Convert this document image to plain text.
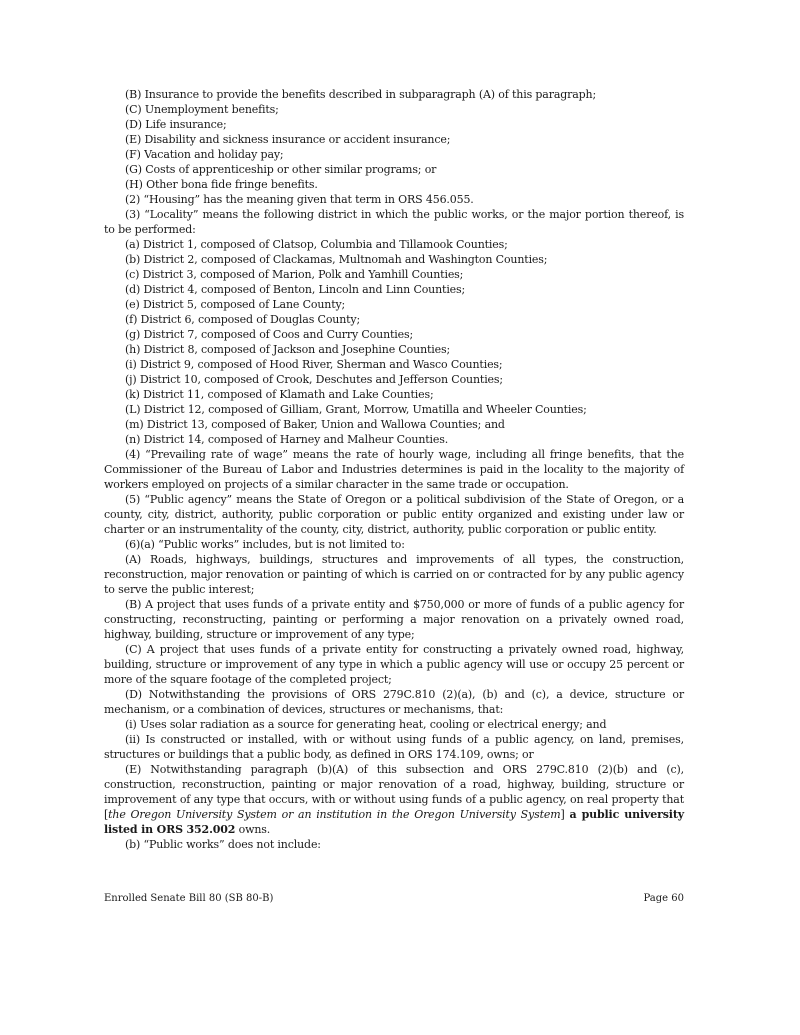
(B) Insurance to provide the benefits described in subparagraph (A) of this paragraph;

(C) Unemployment benefits;

(D) Life insurance;

(E) Disability and sickness insurance or accident insurance;

(F) Vacation and holiday pay;

(G) Costs of apprenticeship or other similar programs; or

(H) Other bona fide fringe benefits.

(2) “Housing” has the meaning given that term in ORS 456.055.

(3) “Locality” means the following district in which the public works, or the major portion thereof, is to be performed:

(a) District 1, composed of Clatsop, Columbia and Tillamook Counties;

(b) District 2, composed of Clackamas, Multnomah and Washington Counties;

(c) District 3, composed of Marion, Polk and Yamhill Counties;

(d) District 4, composed of Benton, Lincoln and Linn Counties;

(e) District 5, composed of Lane County;

(f) District 6, composed of Douglas County;

(g) District 7, composed of Coos and Curry Counties;

(h) District 8, composed of Jackson and Josephine Counties;

(i) District 9, composed of Hood River, Sherman and Wasco Counties;

(j) District 10, composed of Crook, Deschutes and Jefferson Counties;

(k) District 11, composed of Klamath and Lake Counties;

(L) District 12, composed of Gilliam, Grant, Morrow, Umatilla and Wheeler Counties;

(m) District 13, composed of Baker, Union and Wallowa Counties; and

(n) District 14, composed of Harney and Malheur Counties.

(4) “Prevailing rate of wage” means the rate of hourly wage, including all fringe benefits, that the Commissioner of the Bureau of Labor and Industries determines is paid in the locality to the majority of workers employed on projects of a similar character in the same trade or occupation.

(5) “Public agency” means the State of Oregon or a political subdivision of the State of Oregon, or a county, city, district, authority, public corporation or public entity organized and existing under law or charter or an instrumentality of the county, city, district, authority, public corporation or public entity.

(6)(a) “Public works” includes, but is not limited to:

(A) Roads, highways, buildings, structures and improvements of all types, the construction, reconstruction, major renovation or painting of which is carried on or contracted for by any public agency to serve the public interest;

(B) A project that uses funds of a private entity and $750,000 or more of funds of a public agency for constructing, reconstructing, painting or performing a major renovation on a privately owned road, highway, building, structure or improvement of any type;

(C) A project that uses funds of a private entity for constructing a privately owned road, highway, building, structure or improvement of any type in which a public agency will use or occupy 25 percent or more of the square footage of the completed project;

(D) Notwithstanding the provisions of ORS 279C.810 (2)(a), (b) and (c), a device, structure or mechanism, or a combination of devices, structures or mechanisms, that:

(i) Uses solar radiation as a source for generating heat, cooling or electrical energy; and

(ii) Is constructed or installed, with or without using funds of a public agency, on land, premises, structures or buildings that a public body, as defined in ORS 174.109, owns; or

(E) Notwithstanding paragraph (b)(A) of this subsection and ORS 279C.810 (2)(b) and (c), construction, reconstruction, painting or major renovation of a road, highway, building, structure or improvement of any type that occurs, with or without using funds of a public agency, on real property that [the Oregon University System or an institution in the Oregon University System] a public university listed in ORS 352.002 owns.

(b) “Public works” does not include:

Enrolled Senate Bill 80 (SB 80-B)	Page 60
